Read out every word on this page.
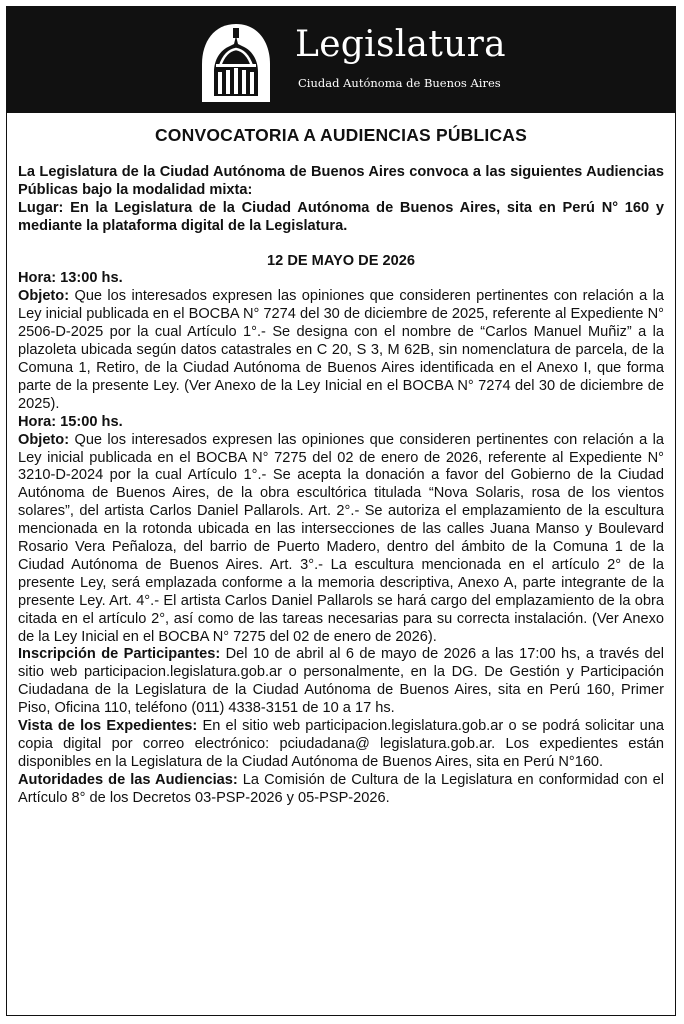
Legislatura
Ciudad Autónoma de Buenos Aires
CONVOCATORIA A AUDIENCIAS PÚBLICAS

La Legislatura de la Ciudad Autónoma de Buenos Aires convoca a las siguientes Audiencias Públicas bajo la modalidad mixta:

Lugar: En la Legislatura de la Ciudad Autónoma de Buenos Aires, sita en Perú N° 160 y mediante la plataforma digital de la Legislatura.

12 DE MAYO DE 2026

Hora: 13:00 hs.

Objeto: Que los interesados expresen las opiniones que consideren pertinentes con relación a la Ley inicial publicada en el BOCBA N° 7274 del 30 de diciembre de 2025, referente al Expediente N° 2506-D-2025 por la cual Artículo 1°.- Se designa con el nombre de “Carlos Manuel Muñiz” a la plazoleta ubicada según datos catastrales en C 20, S 3, M 62B, sin nomenclatura de parcela, de la Comuna 1, Retiro, de la Ciudad Autónoma de Buenos Aires identificada en el Anexo I, que forma parte de la presente Ley. (Ver Anexo de la Ley Inicial en el BOCBA N° 7274 del 30 de diciembre de 2025).

Hora: 15:00 hs.

Objeto: Que los interesados expresen las opiniones que consideren pertinentes con relación a la Ley inicial publicada en el BOCBA N° 7275 del 02 de enero de 2026, referente al Expediente N° 3210-D-2024 por la cual Artículo 1°.- Se acepta la donación a favor del Gobierno de la Ciudad Autónoma de Buenos Aires, de la obra escultórica titulada “Nova Solaris, rosa de los vientos solares”, del artista Carlos Daniel Pallarols. Art. 2°.- Se autoriza el emplazamiento de la escultura mencionada en la rotonda ubicada en las intersecciones de las calles Juana Manso y Boulevard Rosario Vera Peñaloza, del barrio de Puerto Madero, dentro del ámbito de la Comuna 1 de la Ciudad Autónoma de Buenos Aires. Art. 3°.- La escultura mencionada en el artículo 2° de la presente Ley, será emplazada conforme a la memoria descriptiva, Anexo A, parte integrante de la presente Ley. Art. 4°.- El artista Carlos Daniel Pallarols se hará cargo del emplazamiento de la obra citada en el artículo 2°, así como de las tareas necesarias para su correcta instalación. (Ver Anexo de la Ley Inicial en el BOCBA N° 7275 del 02 de enero de 2026).

Inscripción de Participantes: Del 10 de abril al 6 de mayo de 2026 a las 17:00 hs, a través del sitio web participacion.legislatura.gob.ar o personalmente, en la DG. De Gestión y Participación Ciudadana de la Legislatura de la Ciudad Autónoma de Buenos Aires, sita en Perú 160, Primer Piso, Oficina 110, teléfono (011) 4338-3151 de 10 a 17 hs.

Vista de los Expedientes: En el sitio web participacion.legislatura.gob.ar o se podrá solicitar una copia digital por correo electrónico: pciudadana@ legislatura.gob.ar. Los expedientes están disponibles en la Legislatura de la Ciudad Autónoma de Buenos Aires, sita en Perú N°160.

Autoridades de las Audiencias: La Comisión de Cultura de la Legislatura en conformidad con el Artículo 8° de los Decretos 03-PSP-2026 y 05-PSP-2026.
